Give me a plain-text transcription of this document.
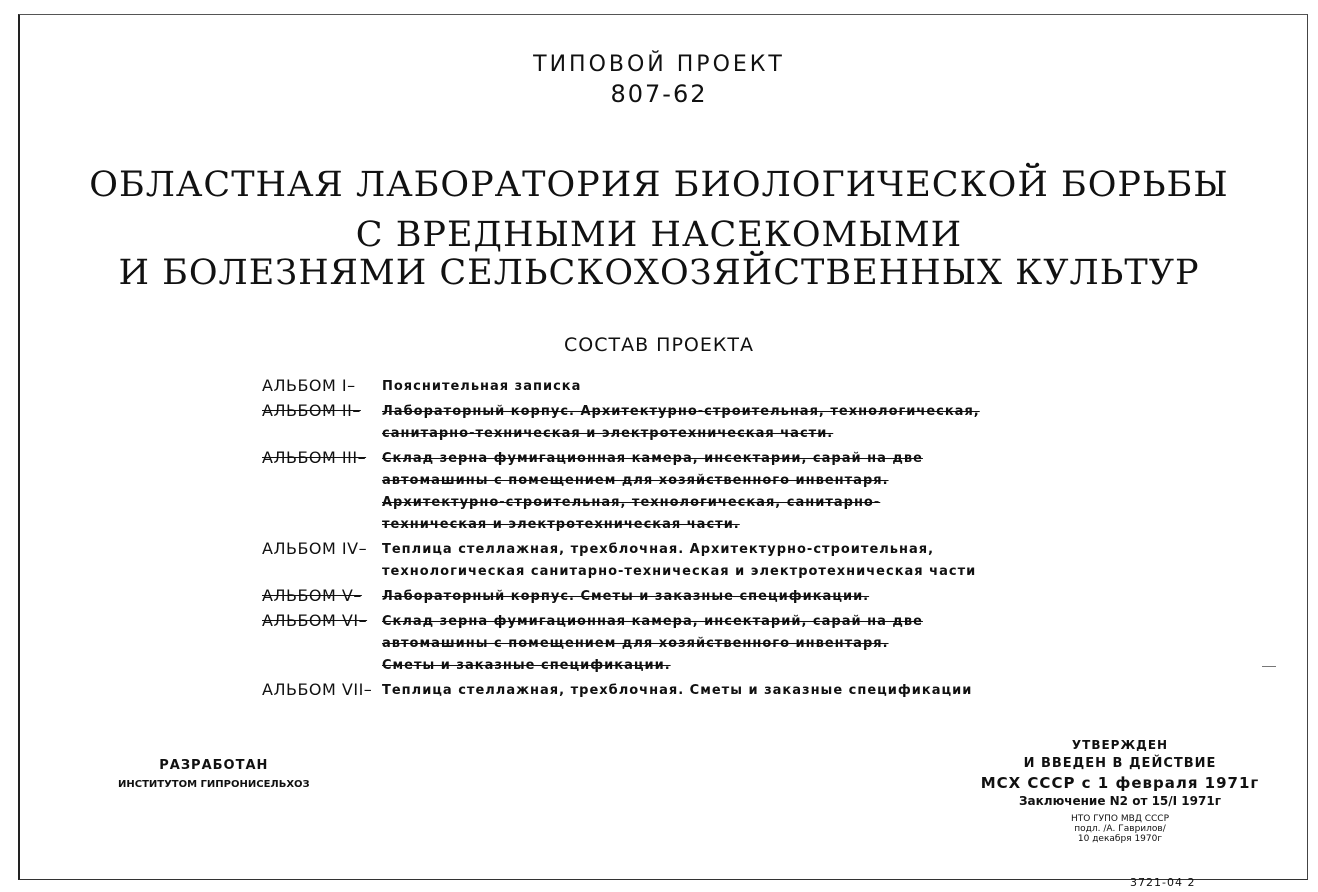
ТИПОВОЙ ПРОЕКТ
807-62
ОБЛАСТНАЯ ЛАБОРАТОРИЯ БИОЛОГИЧЕСКОЙ БОРЬБЫ
С ВРЕДНЫМИ НАСЕКОМЫМИ
И БОЛЕЗНЯМИ СЕЛЬСКОХОЗЯЙСТВЕННЫХ КУЛЬТУР
СОСТАВ ПРОЕКТА
АЛЬБОМ I–	Пояснительная записка
АЛЬБОМ II–	Лабораторный корпус. Архитектурно-строительная, технологическая,
санитарно-техническая и электротехническая части.
АЛЬБОМ III–	Склад зерна фумигационная камера, инсектарии, сарай на две
автомашины с помещением для хозяйственного инвентаря.
Архитектурно-строительная, технологическая, санитарно-
техническая и электротехническая части.
АЛЬБОМ IV–	Теплица стеллажная, трехблочная. Архитектурно-строительная,
технологическая санитарно-техническая и электротехническая части
АЛЬБОМ V–	Лабораторный корпус. Сметы и заказные спецификации.
АЛЬБОМ VI–	Склад зерна фумигационная камера, инсектарий, сарай на две
автомашины с помещением для хозяйственного инвентаря.
Сметы и заказные спецификации.
АЛЬБОМ VII– Теплица стеллажная, трехблочная. Сметы и заказные спецификации
РАЗРАБОТАН
ИНСТИТУТОМ ГИПРОНИСЕЛЬХОЗ
УТВЕРЖДЕН
И ВВЕДЕН В ДЕЙСТВИЕ
МСХ СССР с 1 февраля 1971г
Заключение N2 от 15/I 1971г
НТО ГУПО МВД СССР
подл. /А. Гаврилов/
10 декабря 1970г
3721-04 2
